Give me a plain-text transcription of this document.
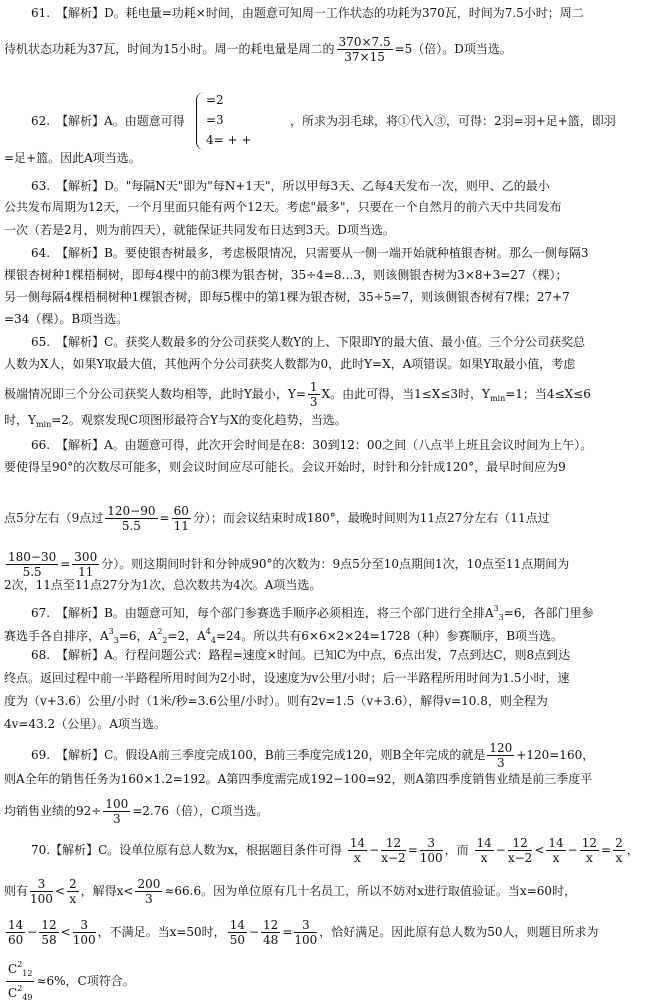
61.　【解析】D。耗电量=功耗×时间，由题意可知周一工作状态的功耗为370瓦，时间为7.5小时；周二
待机状态功耗为37瓦，时间为15小时。周一的耗电量是周二的 $\frac{370\times 7.5}{37\times 15} =5$（倍）。D项当选。
62.　【解析】A。由题意可得
=2
=3
4= + +
，所求为羽毛球，将①代入③，可得：2羽=羽+足+篮，即羽
=足+篮。因此A项当选。
63.　【解析】D。"每隔N天"即为"每N+1天"，所以甲每3天、乙每4天发布一次，则甲、乙的最小
公共发布周期为12天，一个月里面只能有两个12天。考虑"最多"，只要在一个自然月的前六天中共同发布
一次（若是2月，则为前四天），就能保证共同发布日达到3天。D项当选。
64.　【解析】B。要使银杏树最多，考虑极限情况，只需要从一侧一端开始就种植银杏树。那么一侧每隔3
棵银杏树种1棵梧桐树，即每4棵中的前3棵为银杏树，35÷4=8…3，则该侧银杏树为3×8+3=27（棵）；
另一侧每隔4棵梧桐树种1棵银杏树，即每5棵中的第1棵为银杏树，35÷5=7，则该侧银杏树有7棵；27+7
=34（棵）。B项当选。
65.　【解析】C。获奖人数最多的分公司获奖人数Y的上、下限即Y的最大值、最小值。三个分公司获奖总
人数为X人，如果Y取最大值，其他两个分公司获奖人数都为0，此时Y=X，A项错误。如果Y取最小值，考虑
极端情况即三个分公司获奖人数均相等，此时Y最小，$Y= \frac{1}{3}$ X。由此可得，当1≤X≤3时，$Y_{min}=1$；当4≤X≤6
时，$Y_{min}=2$。观察发现C项图形最符合Y与X的变化趋势，当选。
66.　【解析】A。由题意可得，此次开会时间是在8：30到12：00之间（八点半上班且会议时间为上午）。
要使得呈90°的次数尽可能多，则会议时间应尽可能长。会议开始时，时针和分针成120°，最早时间应为9
点5分左右（9点过 $\frac{120-90}{5.5} = \frac{60}{11}$ 分）；而会议结束时成180°，最晚时间则为11点27分左右（11点过
$\frac{180-30}{5.5} = \frac{300}{11}$ 分）。则这期间时针和分钟成90°的次数为：9点5分至10点期间1次，10点至11点期间为
2次，11点至11点27分为1次，总次数共为4次。A项当选。
67.　【解析】B。由题意可知，每个部门参赛选手顺序必须相连，将三个部门进行全排$A^3_3=6$，各部门里参
赛选手各自排序，$A^3_3=6$，$A^2_2=2$，$A^4_4=24$。所以共有6×6×2×24=1728（种）参赛顺序，B项当选。
68.　【解析】A。行程问题公式：路程=速度×时间。已知C为中点，6点出发，7点到达C，则8点到达
终点。返回过程中前一半路程所用时间为2小时，设速度为v公里/小时；后一半路程所用时间为1.5小时，速
度为（v+3.6）公里/小时（1米/秒=3.6公里/小时）。则有2v=1.5（v+3.6），解得v=10.8，则全程为
4v=43.2（公里）。A项当选。
69.　【解析】C。假设A前三季度完成100，B前三季度完成120，则B全年完成的就是 $\frac{120}{3} +120=160$，
则A全年的销售任务为160×1.2=192。A第四季度需完成192−100=92，则A第四季度销售业绩是前三季度平
均销售业绩的$92\div \frac{100}{3} =2.76$（倍），C项当选。
70.【解析】C。设单位原有总人数为x，根据题目条件可得 $\frac{14}{x} - \frac{12}{x-2} = \frac{3}{100}$ ，而 $\frac{14}{x} - \frac{12}{x-2} < \frac{14}{x} - \frac{12}{x} = \frac{2}{x}$ ，
则有 $\frac{3}{100} < \frac{2}{x}$ ，解得$x< \frac{200}{3} \approx 66.6$。因为单位原有几十名员工，所以不妨对x进行取值验证。当x=60时，
$\frac{14}{60} - \frac{12}{58} < \frac{3}{100}$ ，不满足。当x=50时， $\frac{14}{50} - \frac{12}{48} = \frac{3}{100}$ ，恰好满足。因此原有总人数为50人，则题目所求为
$\frac{C^2_{12}}{C^2_{49}} \approx 6\%$，C项符合。
